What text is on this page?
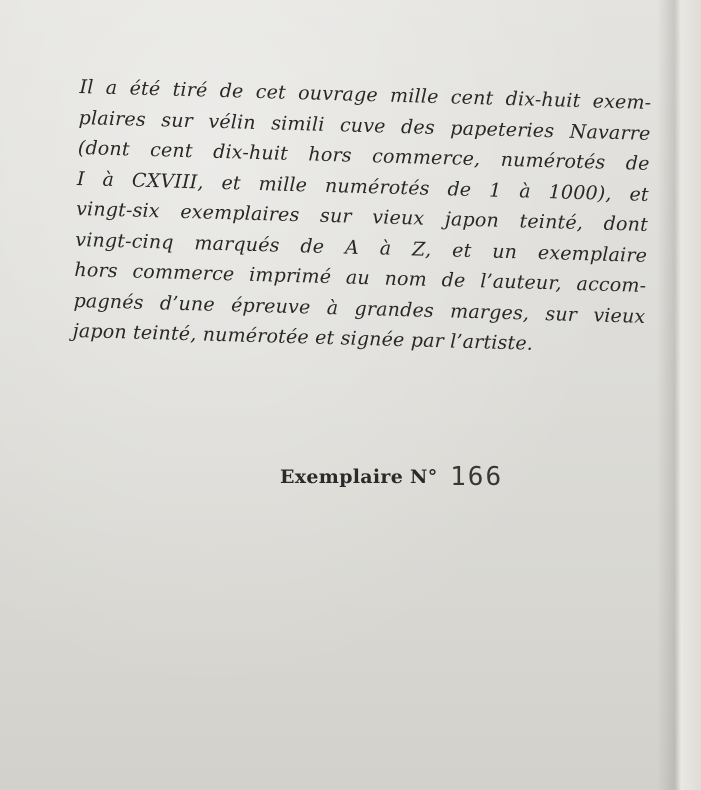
Il a été tiré de cet ouvrage mille cent dix-huit exem-
plaires sur vélin simili cuve des papeteries Navarre
(dont cent dix-huit hors commerce, numérotés de
I à CXVIII, et mille numérotés de 1 à 1000), et
vingt-six exemplaires sur vieux japon teinté, dont
vingt-cinq marqués de A à Z, et un exemplaire
hors commerce imprimé au nom de l’auteur, accom-
pagnés d’une épreuve à grandes marges, sur vieux
japon teinté, numérotée et signée par l’artiste.
Exemplaire N° 166
